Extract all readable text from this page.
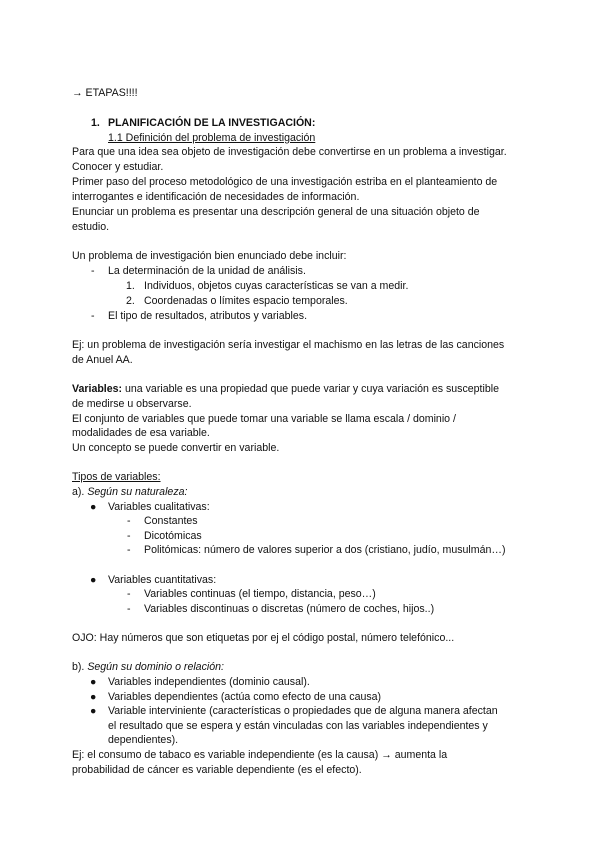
→ ETAPAS!!!!
1. PLANIFICACIÓN DE LA INVESTIGACIÓN:
1.1 Definición del problema de investigación
Para que una idea sea objeto de investigación debe convertirse en un problema a investigar.
Conocer y estudiar.
Primer paso del proceso metodológico de una investigación estriba en el planteamiento de
interrogantes e identificación de necesidades de información.
Enunciar un problema es presentar una descripción general de una situación objeto de
estudio.
Un problema de investigación bien enunciado debe incluir:
- La determinación de la unidad de análisis.
1. Individuos, objetos cuyas características se van a medir.
2. Coordenadas o límites espacio temporales.
- El tipo de resultados, atributos y variables.
Ej: un problema de investigación sería investigar el machismo en las letras de las canciones
de Anuel AA.
Variables: una variable es una propiedad que puede variar y cuya variación es susceptible
de medirse u observarse.
El conjunto de variables que puede tomar una variable se llama escala / dominio /
modalidades de esa variable.
Un concepto se puede convertir en variable.
Tipos de variables:
a). Según su naturaleza:
● Variables cualitativas:
- Constantes
- Dicotómicas
- Politómicas: número de valores superior a dos (cristiano, judío, musulmán…)
● Variables cuantitativas:
- Variables continuas (el tiempo, distancia, peso…)
- Variables discontinuas o discretas (número de coches, hijos..)
OJO: Hay números que son etiquetas por ej el código postal, número telefónico...
b). Según su dominio o relación:
● Variables independientes (dominio causal).
● Variables dependientes (actúa como efecto de una causa)
● Variable interviniente (características o propiedades que de alguna manera afectan
el resultado que se espera y están vinculadas con las variables independientes y
dependientes).
Ej: el consumo de tabaco es variable independiente (es la causa) → aumenta la
probabilidad de cáncer es variable dependiente (es el efecto).
